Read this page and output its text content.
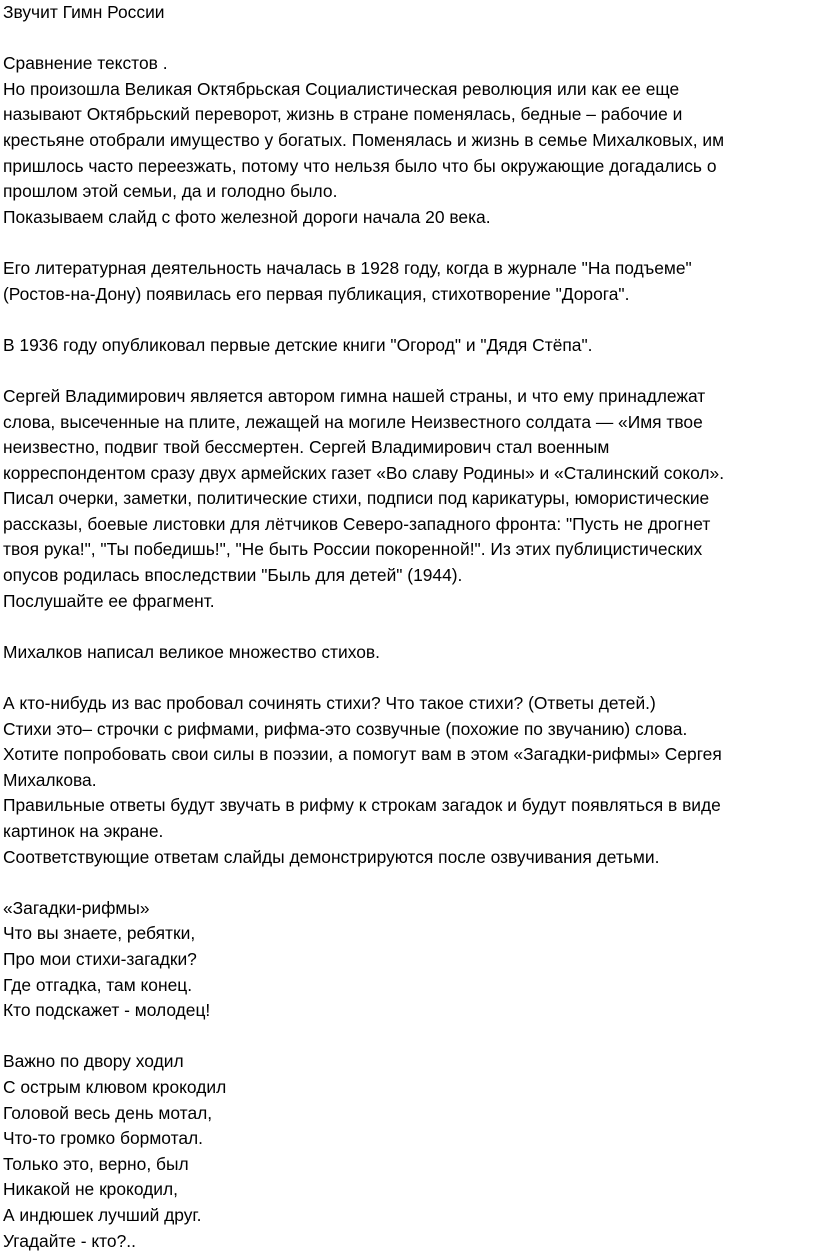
Звучит Гимн России
Сравнение текстов .
Но произошла Великая Октябрьская Социалистическая революция или как ее еще
называют Октябрьский переворот, жизнь в стране поменялась, бедные – рабочие и
крестьяне отобрали имущество у богатых. Поменялась и жизнь в семье Михалковых, им
пришлось часто переезжать, потому что нельзя было что бы окружающие догадались о
прошлом этой семьи, да и голодно было.
Показываем слайд с фото железной дороги начала 20 века.
Его литературная деятельность началась в 1928 году, когда в журнале "На подъеме"
(Ростов-на-Дону) появилась его первая публикация, стихотворение "Дорога".
В 1936 году опубликовал первые детские книги "Огород" и "Дядя Стёпа".
Сергей Владимирович является автором гимна нашей страны, и что ему принадлежат
слова, высеченные на плите, лежащей на могиле Неизвестного солдата — «Имя твое
неизвестно, подвиг твой бессмертен. Сергей Владимирович стал военным
корреспондентом сразу двух армейских газет «Во славу Родины» и «Сталинский сокол».
Писал очерки, заметки, политические стихи, подписи под карикатуры, юмористические
рассказы, боевые листовки для лётчиков Северо-западного фронта: "Пусть не дрогнет
твоя рука!", "Ты победишь!", "Не быть России покоренной!". Из этих публицистических
опусов родилась впоследствии "Быль для детей" (1944).
Послушайте ее фрагмент.
Михалков написал великое множество стихов.
А кто-нибудь из вас пробовал сочинять стихи? Что такое стихи? (Ответы детей.)
Стихи это– строчки с рифмами, рифма-это созвучные (похожие по звучанию) слова.
Хотите попробовать свои силы в поэзии, а помогут вам в этом «Загадки-рифмы» Сергея
Михалкова.
Правильные ответы будут звучать в рифму к строкам загадок и будут появляться в виде
картинок на экране.
Соответствующие ответам слайды демонстрируются после озвучивания детьми.
«Загадки-рифмы»
Что вы знаете, ребятки,
Про мои стихи-загадки?
Где отгадка, там конец.
Кто подскажет - молодец!
Важно по двору ходил
С острым клювом крокодил
Головой весь день мотал,
Что-то громко бормотал.
Только это, верно, был
Никакой не крокодил,
А индюшек лучший друг.
Угадайте - кто?..
